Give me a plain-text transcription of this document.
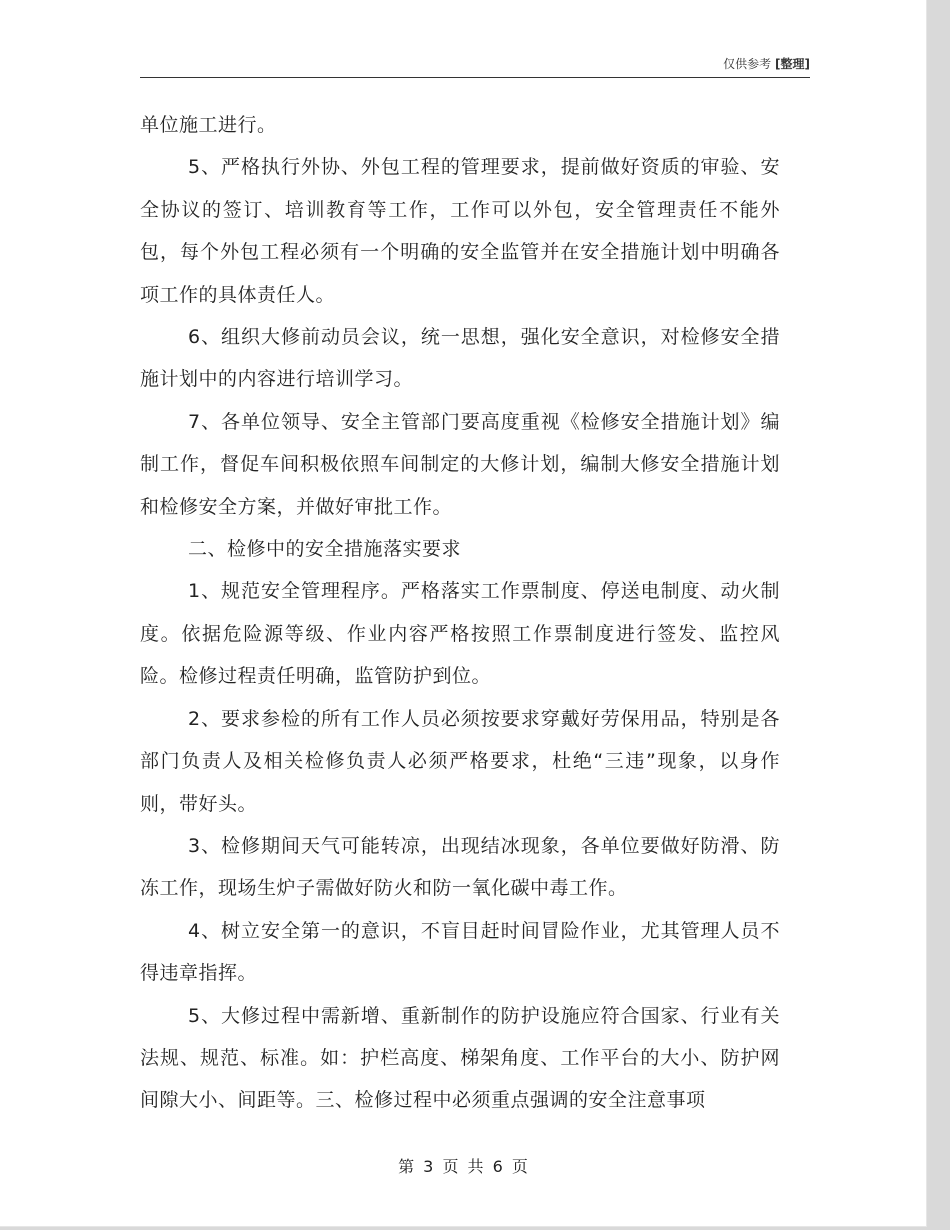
仅供参考 [整理]

单位施工进行。

5、严格执行外协、外包工程的管理要求，提前做好资质的审验、安全协议的签订、培训教育等工作，工作可以外包，安全管理责任不能外包，每个外包工程必须有一个明确的安全监管并在安全措施计划中明确各项工作的具体责任人。

6、组织大修前动员会议，统一思想，强化安全意识，对检修安全措施计划中的内容进行培训学习。

7、各单位领导、安全主管部门要高度重视《检修安全措施计划》编制工作，督促车间积极依照车间制定的大修计划，编制大修安全措施计划和检修安全方案，并做好审批工作。

二、检修中的安全措施落实要求

1、规范安全管理程序。严格落实工作票制度、停送电制度、动火制度。依据危险源等级、作业内容严格按照工作票制度进行签发、监控风险。检修过程责任明确，监管防护到位。

2、要求参检的所有工作人员必须按要求穿戴好劳保用品，特别是各部门负责人及相关检修负责人必须严格要求，杜绝“三违”现象，以身作则，带好头。

3、检修期间天气可能转凉，出现结冰现象，各单位要做好防滑、防冻工作，现场生炉子需做好防火和防一氧化碳中毒工作。

4、树立安全第一的意识，不盲目赶时间冒险作业，尤其管理人员不得违章指挥。

5、大修过程中需新增、重新制作的防护设施应符合国家、行业有关法规、规范、标准。如：护栏高度、梯架角度、工作平台的大小、防护网间隙大小、间距等。三、检修过程中必须重点强调的安全注意事项

第 3 页 共 6 页
